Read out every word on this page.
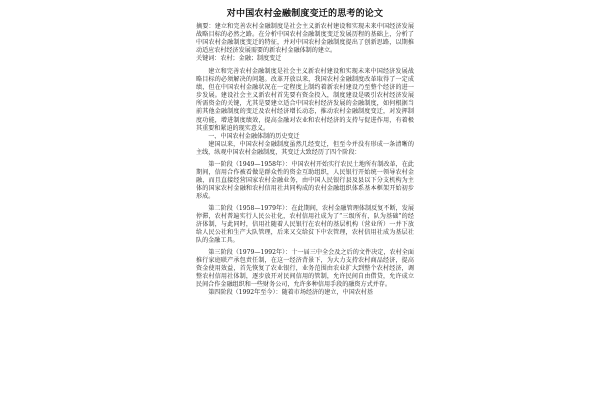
对中国农村金融制度变迁的思考的论文

摘要：建立和完善农村金融制度是社会主义新农村建设和实现未来中国经济发展战略目标的必然之路。在分析中国农村金融制度变迁发展历程的基础上，分析了中国农村金融制度变迁的特征，并对中国农村金融制度提出了创新思路，以期推动适应农村经济发展需要的新农村金融体制的建立。

关键词：农村；金融；制度变迁

建立和完善农村金融制度是社会主义新农村建设和实现未来中国经济发展战略目标的必须解决的问题。改革开放以来，我国农村金融制度改革取得了一定成绩，但在中国农村金融状况在一定程度上制约着新农村建设乃至整个经济的进一步发展。建设社会主义新农村首先要有资金投入，制度建设是吸引农村经济发展所需资金的关键，尤其是要建立适合中国农村经济发展的金融制度，如何根据当前其他金融制度的变迁及农村经济增长动态，推动农村金融制度变迁，对发挥制度功能，增进制度绩效，提高金融对农业和农村经济的支持与促进作用，有着极其重要和紧迫的现实意义。

一、中国农村金融体制的历史变迁

建国以来，中国农村金融制度虽然几经变迁，但至今并没有形成一条清晰的主线，纵观中国农村金融制度，其变迁大致经历了四个阶段：

第一阶段（1949—1958年）：中国农村开始实行农民土地所有制改革，在此期间，信用合作被看做是群众性的资金互助组织，人民银行开始统一领导农村金融，而且直接经营国家农村金融业务，由中国人民银行县及县以下分支机构为主体的国家农村金融和农村信用社共同构成的农村金融组织体系基本框架开始初步形成。

第二阶段（1958—1979年）：在此期间，农村金融管理体制反复不断，发展停滞，农村普遍实行人民公社化，农村信用社成为了“三级所有，队为基础”的经济体制，与此同时，信用社随着人民银行在农村的基层机构（营业所）一并下放给人民公社和生产大队管理，后来又交给贫下中农管理，农村信用社成为基层社队的金融工具。

第三阶段（1979—1992年）：十一届三中全会及之后的文件决定，农村全面推行家庭联产承包责任制，在这一经济背景下，为大力支持农村商品经济，提高资金使用效益，首先恢复了农业银行，业务范围由农业扩大到整个农村经济，调整农村信用社体制，逐步放开对民间信用的管制，允许民间自由借贷，允许成立民间合作金融组织和一些财务公司，允许多种信用手段的融资方式并存。

第四阶段（1992年至今）：随着市场经济的建立，中国农村基
